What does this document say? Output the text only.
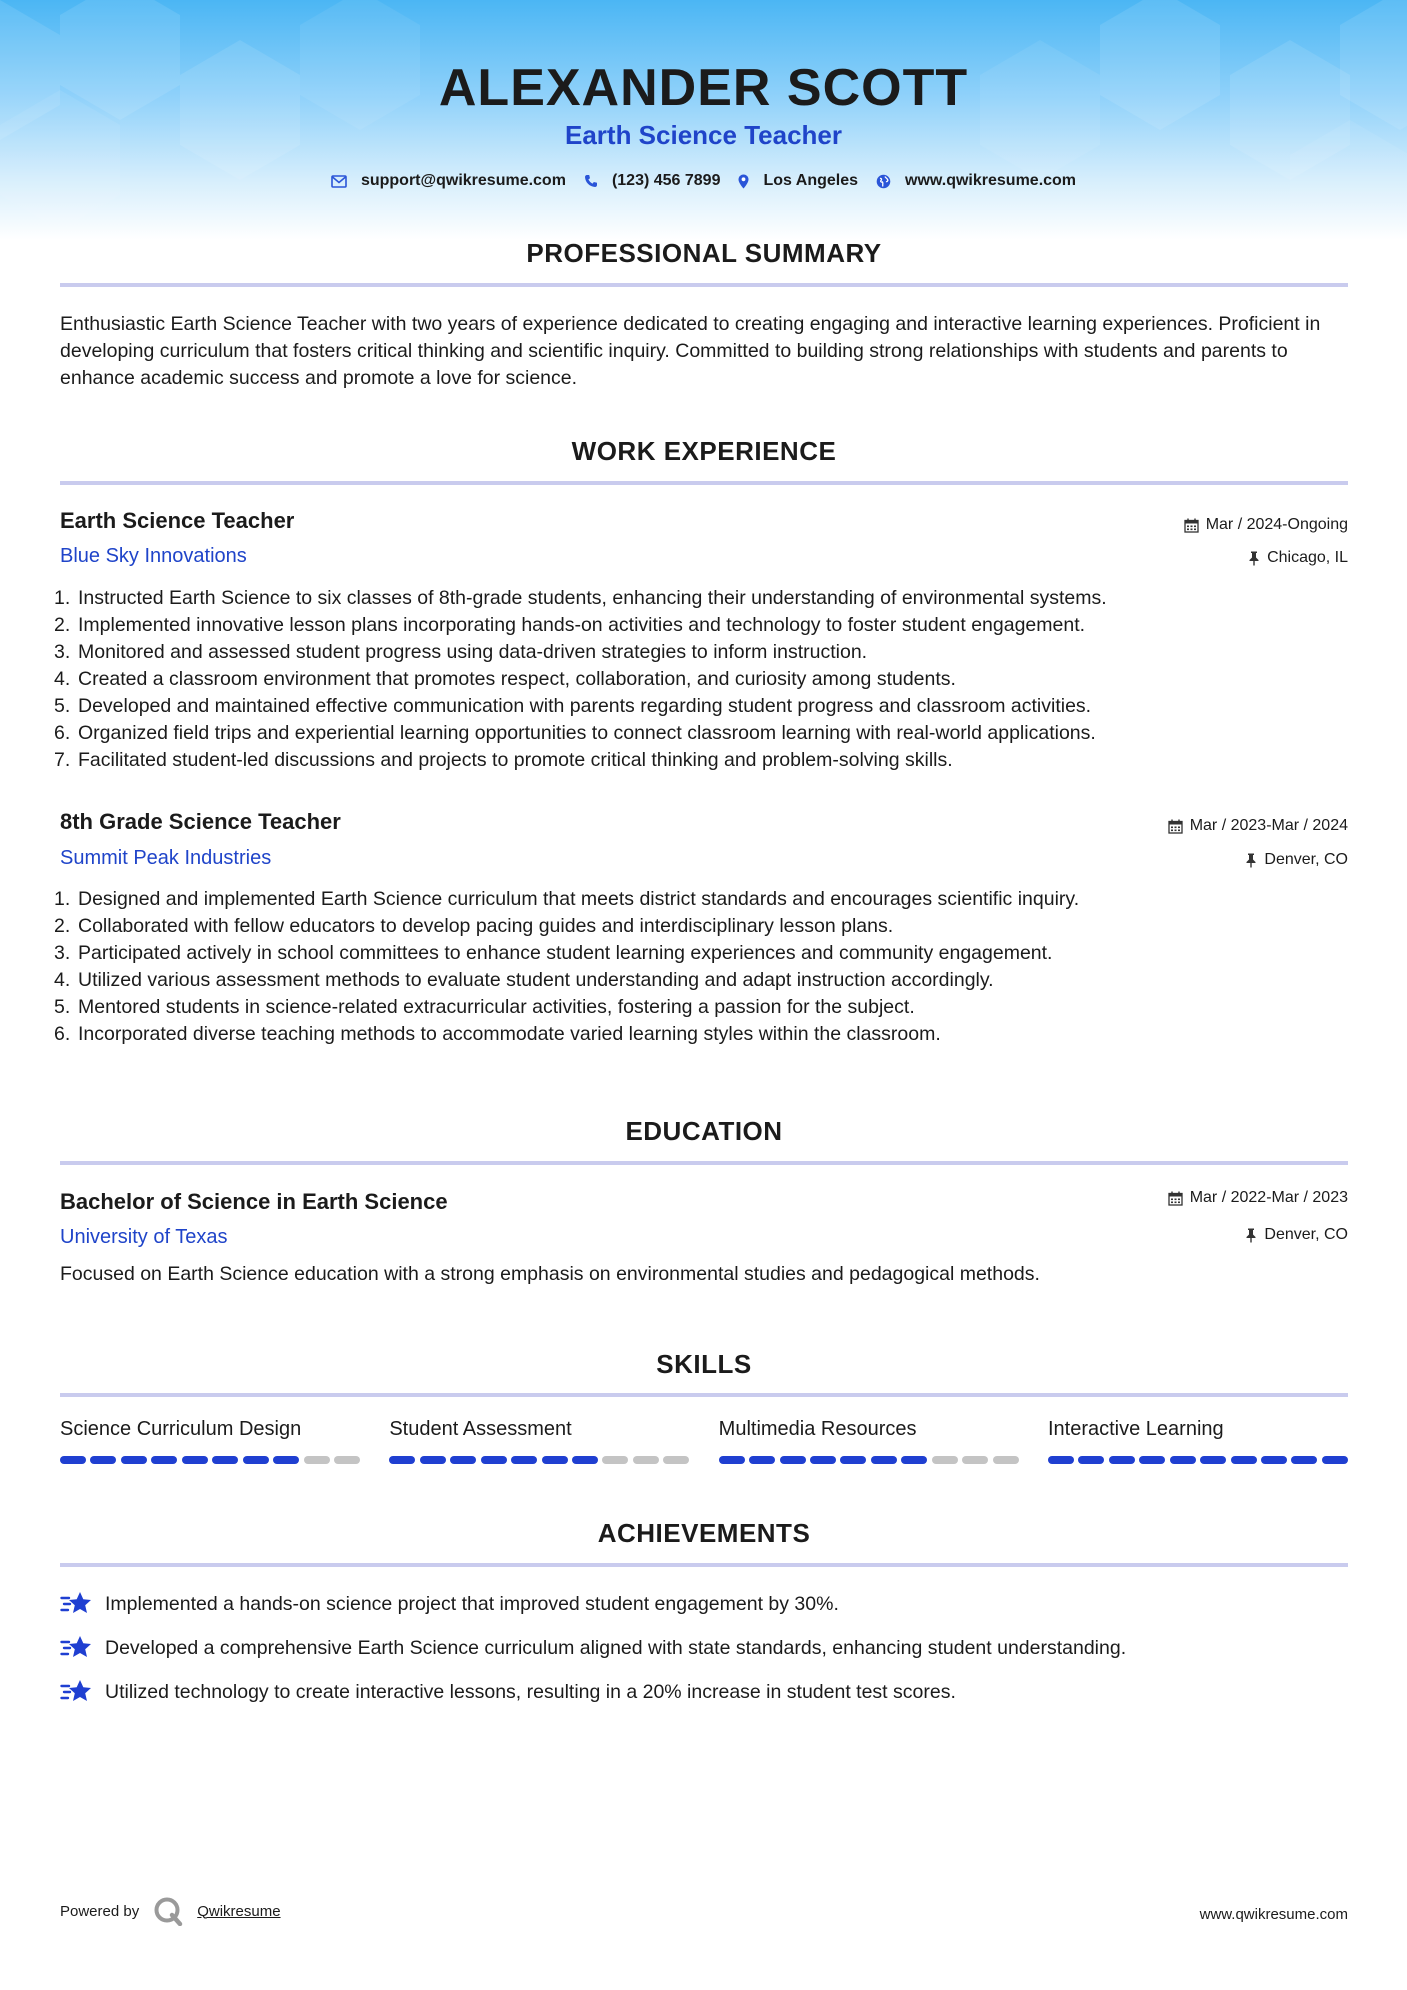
ALEXANDER SCOTT
Earth Science Teacher
support@qwikresume.com	(123) 456 7899	Los Angeles	www.qwikresume.com
PROFESSIONAL SUMMARY
Enthusiastic Earth Science Teacher with two years of experience dedicated to creating engaging and interactive learning experiences. Proficient in developing curriculum that fosters critical thinking and scientific inquiry. Committed to building strong relationships with students and parents to enhance academic success and promote a love for science.
WORK EXPERIENCE
Earth Science Teacher	Mar / 2024-Ongoing
Blue Sky Innovations	Chicago, IL
1. Instructed Earth Science to six classes of 8th-grade students, enhancing their understanding of environmental systems.
2. Implemented innovative lesson plans incorporating hands-on activities and technology to foster student engagement.
3. Monitored and assessed student progress using data-driven strategies to inform instruction.
4. Created a classroom environment that promotes respect, collaboration, and curiosity among students.
5. Developed and maintained effective communication with parents regarding student progress and classroom activities.
6. Organized field trips and experiential learning opportunities to connect classroom learning with real-world applications.
7. Facilitated student-led discussions and projects to promote critical thinking and problem-solving skills.
8th Grade Science Teacher	Mar / 2023-Mar / 2024
Summit Peak Industries	Denver, CO
1. Designed and implemented Earth Science curriculum that meets district standards and encourages scientific inquiry.
2. Collaborated with fellow educators to develop pacing guides and interdisciplinary lesson plans.
3. Participated actively in school committees to enhance student learning experiences and community engagement.
4. Utilized various assessment methods to evaluate student understanding and adapt instruction accordingly.
5. Mentored students in science-related extracurricular activities, fostering a passion for the subject.
6. Incorporated diverse teaching methods to accommodate varied learning styles within the classroom.
EDUCATION
Bachelor of Science in Earth Science	Mar / 2022-Mar / 2023
University of Texas	Denver, CO
Focused on Earth Science education with a strong emphasis on environmental studies and pedagogical methods.
SKILLS
Science Curriculum Design	Student Assessment	Multimedia Resources	Interactive Learning
ACHIEVEMENTS
Implemented a hands-on science project that improved student engagement by 30%.
Developed a comprehensive Earth Science curriculum aligned with state standards, enhancing student understanding.
Utilized technology to create interactive lessons, resulting in a 20% increase in student test scores.
Powered by	Qwikresume	www.qwikresume.com
